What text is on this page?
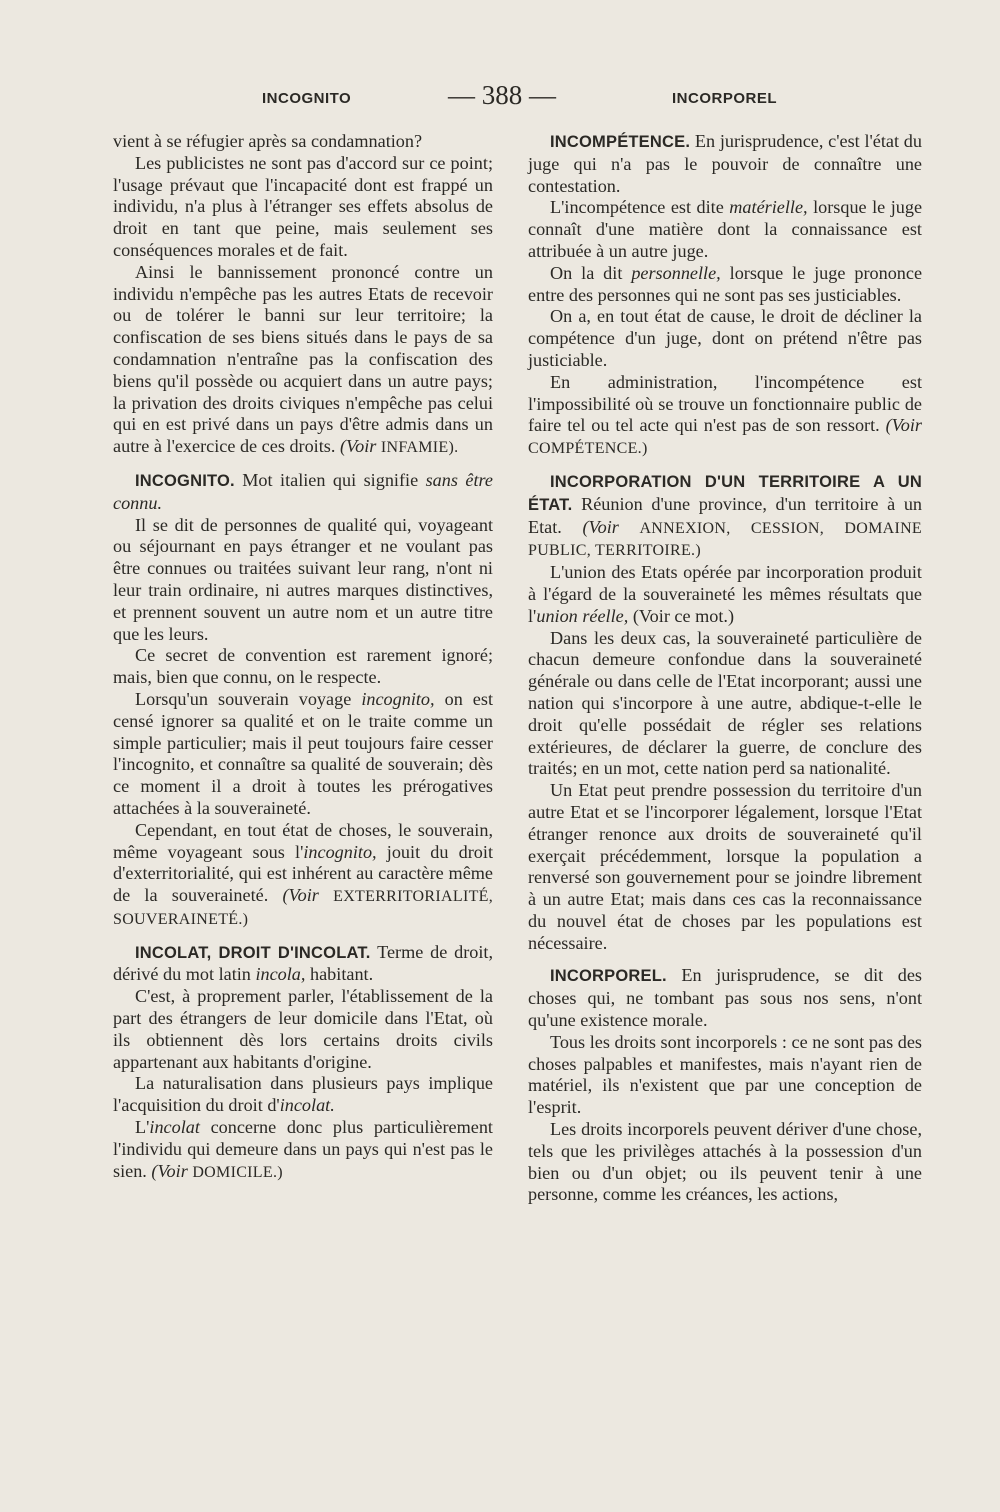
INCOGNITO	— 388 —	INCORPOREL

vient à se réfugier après sa condamnation?

Les publicistes ne sont pas d'accord sur ce point; l'usage prévaut que l'incapacité dont est frappé un individu, n'a plus à l'étranger ses effets absolus de droit en tant que peine, mais seulement ses conséquences morales et de fait.

Ainsi le bannissement prononcé contre un individu n'empêche pas les autres Etats de recevoir ou de tolérer le banni sur leur territoire; la confiscation de ses biens situés dans le pays de sa condamnation n'entraîne pas la confiscation des biens qu'il possède ou acquiert dans un autre pays; la privation des droits civiques n'empêche pas celui qui en est privé dans un pays d'être admis dans un autre à l'exercice de ces droits. (Voir INFAMIE).

INCOGNITO. Mot italien qui signifie sans être connu.

Il se dit de personnes de qualité qui, voyageant ou séjournant en pays étranger et ne voulant pas être connues ou traitées suivant leur rang, n'ont ni leur train ordinaire, ni autres marques distinctives, et prennent souvent un autre nom et un autre titre que les leurs.

Ce secret de convention est rarement ignoré; mais, bien que connu, on le respecte.

Lorsqu'un souverain voyage incognito, on est censé ignorer sa qualité et on le traite comme un simple particulier; mais il peut toujours faire cesser l'incognito, et connaître sa qualité de souverain; dès ce moment il a droit à toutes les prérogatives attachées à la souveraineté.

Cependant, en tout état de choses, le souverain, même voyageant sous l'incognito, jouit du droit d'exterritorialité, qui est inhérent au caractère même de la souveraineté. (Voir EXTERRITORIALITÉ, SOUVERAINETÉ.)

INCOLAT, DROIT D'INCOLAT. Terme de droit, dérivé du mot latin incola, habitant.

C'est, à proprement parler, l'établissement de la part des étrangers de leur domicile dans l'Etat, où ils obtiennent dès lors certains droits civils appartenant aux habitants d'origine.

La naturalisation dans plusieurs pays implique l'acquisition du droit d'incolat.

L'incolat concerne donc plus particulièrement l'individu qui demeure dans un pays qui n'est pas le sien. (Voir DOMICILE.)

INCOMPÉTENCE. En jurisprudence, c'est l'état du juge qui n'a pas le pouvoir de connaître une contestation.

L'incompétence est dite matérielle, lorsque le juge connaît d'une matière dont la connaissance est attribuée à un autre juge.

On la dit personnelle, lorsque le juge prononce entre des personnes qui ne sont pas ses justiciables.

On a, en tout état de cause, le droit de décliner la compétence d'un juge, dont on prétend n'être pas justiciable.

En administration, l'incompétence est l'impossibilité où se trouve un fonctionnaire public de faire tel ou tel acte qui n'est pas de son ressort. (Voir COMPÉTENCE.)

INCORPORATION D'UN TERRITOIRE A UN ÉTAT. Réunion d'une province, d'un territoire à un Etat. (Voir ANNEXION, CESSION, DOMAINE PUBLIC, TERRITOIRE.)

L'union des Etats opérée par incorporation produit à l'égard de la souveraineté les mêmes résultats que l'union réelle, (Voir ce mot.)

Dans les deux cas, la souveraineté particulière de chacun demeure confondue dans la souveraineté générale ou dans celle de l'Etat incorporant; aussi une nation qui s'incorpore à une autre, abdique-t-elle le droit qu'elle possédait de régler ses relations extérieures, de déclarer la guerre, de conclure des traités; en un mot, cette nation perd sa nationalité.

Un Etat peut prendre possession du territoire d'un autre Etat et se l'incorporer légalement, lorsque l'Etat étranger renonce aux droits de souveraineté qu'il exerçait précédemment, lorsque la population a renversé son gouvernement pour se joindre librement à un autre Etat; mais dans ces cas la reconnaissance du nouvel état de choses par les populations est nécessaire.

INCORPOREL. En jurisprudence, se dit des choses qui, ne tombant pas sous nos sens, n'ont qu'une existence morale.

Tous les droits sont incorporels : ce ne sont pas des choses palpables et manifestes, mais n'ayant rien de matériel, ils n'existent que par une conception de l'esprit.

Les droits incorporels peuvent dériver d'une chose, tels que les privilèges attachés à la possession d'un bien ou d'un objet; ou ils peuvent tenir à une personne, comme les créances, les actions,
